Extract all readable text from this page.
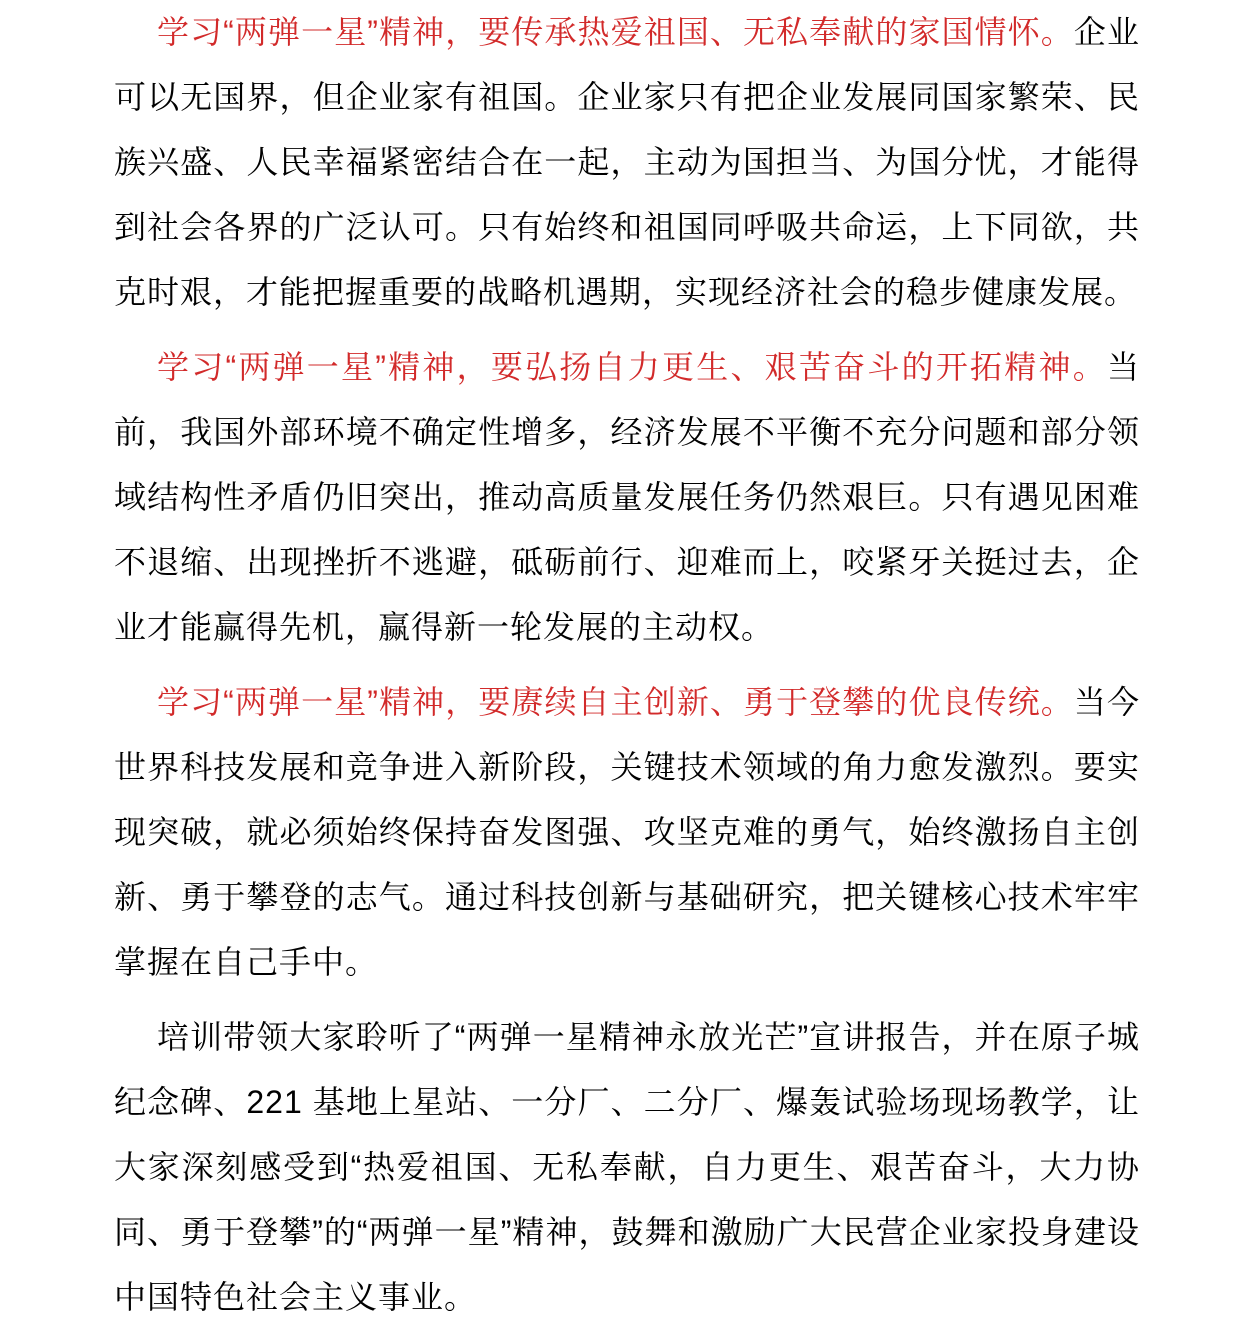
学习“两弹一星”精神，要传承热爱祖国、无私奉献的家国情怀。企业可以无国界，但企业家有祖国。企业家只有把企业发展同国家繁荣、民族兴盛、人民幸福紧密结合在一起，主动为国担当、为国分忧，才能得到社会各界的广泛认可。只有始终和祖国同呼吸共命运，上下同欲，共克时艰，才能把握重要的战略机遇期，实现经济社会的稳步健康发展。

学习“两弹一星”精神，要弘扬自力更生、艰苦奋斗的开拓精神。当前，我国外部环境不确定性增多，经济发展不平衡不充分问题和部分领域结构性矛盾仍旧突出，推动高质量发展任务仍然艰巨。只有遇见困难不退缩、出现挫折不逃避，砥砺前行、迎难而上，咬紧牙关挺过去，企业才能赢得先机，赢得新一轮发展的主动权。

学习“两弹一星”精神，要赓续自主创新、勇于登攀的优良传统。当今世界科技发展和竞争进入新阶段，关键技术领域的角力愈发激烈。要实现突破，就必须始终保持奋发图强、攻坚克难的勇气，始终激扬自主创新、勇于攀登的志气。通过科技创新与基础研究，把关键核心技术牢牢掌握在自己手中。

培训带领大家聆听了“两弹一星精神永放光芒”宣讲报告，并在原子城纪念碑、221 基地上星站、一分厂、二分厂、爆轰试验场现场教学，让大家深刻感受到“热爱祖国、无私奉献，自力更生、艰苦奋斗，大力协同、勇于登攀”的“两弹一星”精神，鼓舞和激励广大民营企业家投身建设中国特色社会主义事业。
